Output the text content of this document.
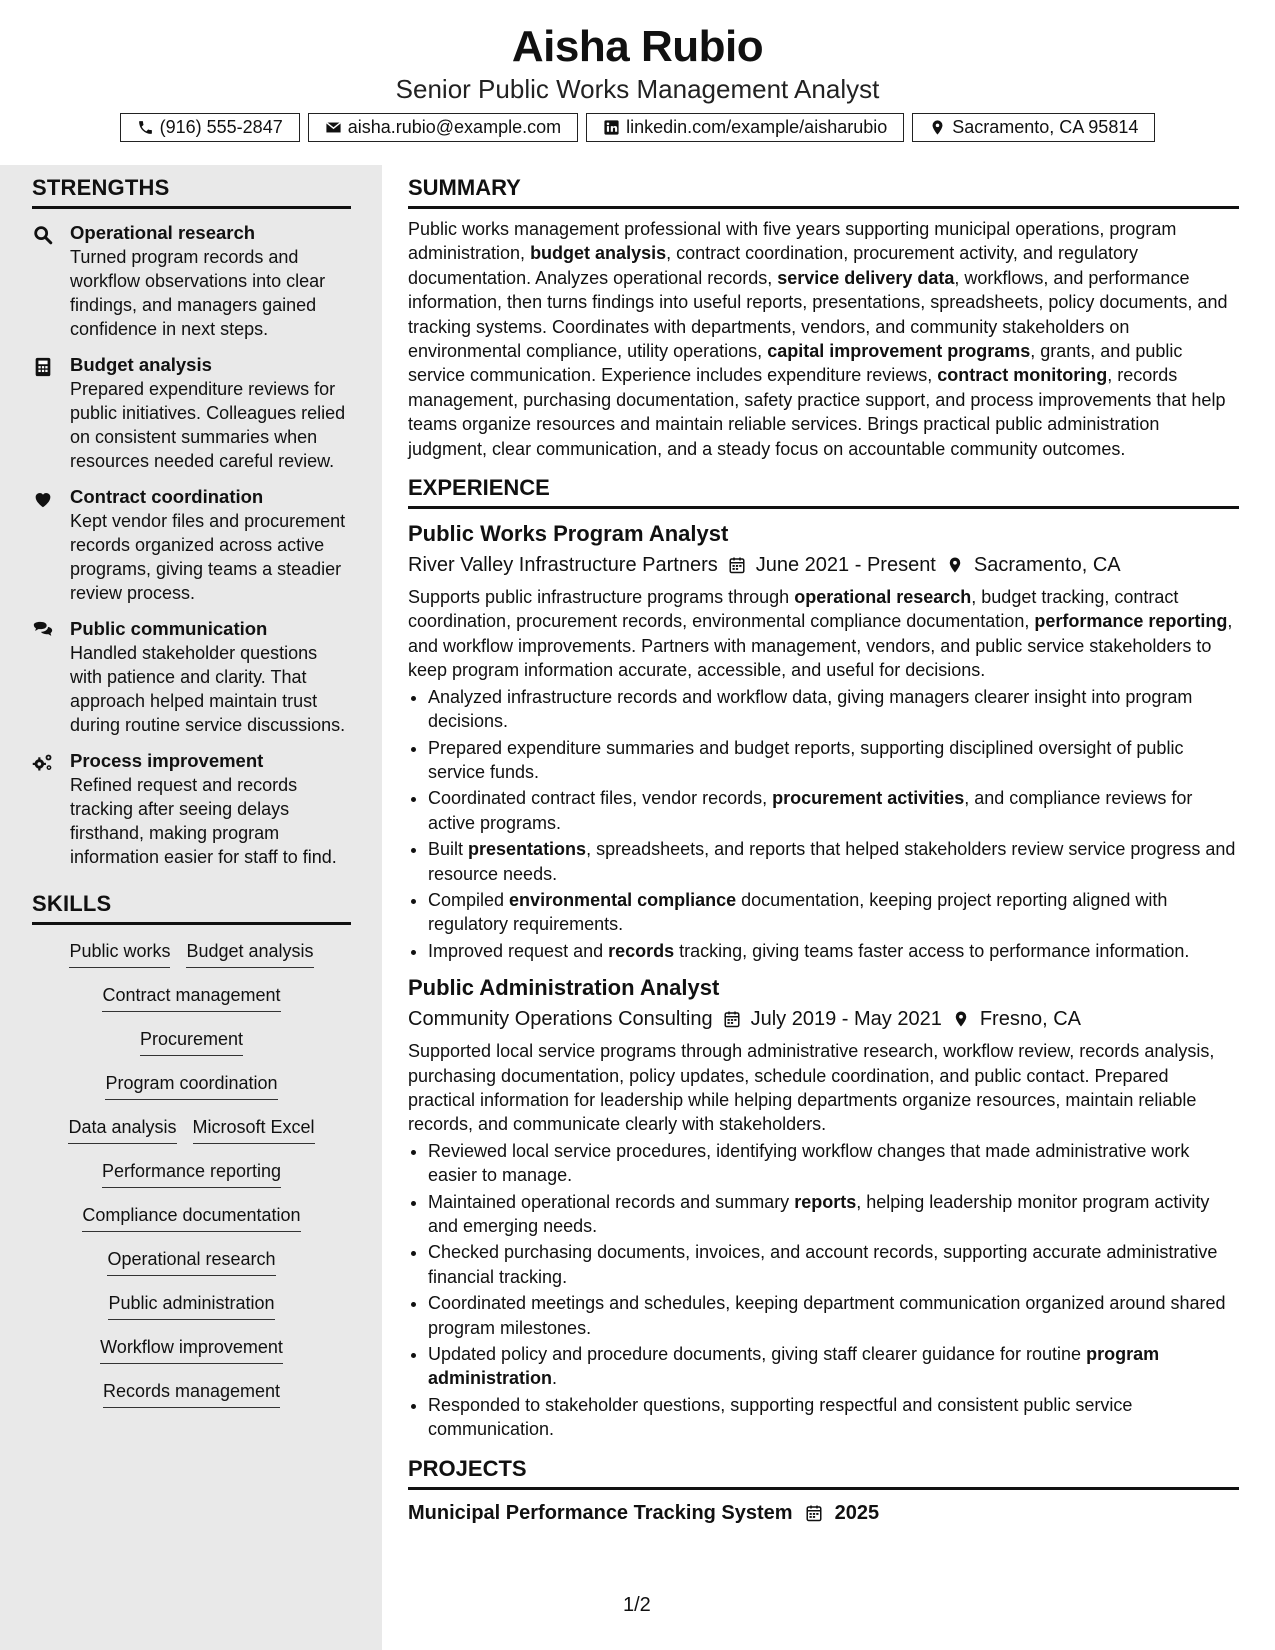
Aisha Rubio
Senior Public Works Management Analyst
(916) 555-2847	aisha.rubio@example.com	linkedin.com/example/aisharubio	Sacramento, CA 95814
STRENGTHS
Operational research
Turned program records and workflow observations into clear findings, and managers gained confidence in next steps.
Budget analysis
Prepared expenditure reviews for public initiatives. Colleagues relied on consistent summaries when resources needed careful review.
Contract coordination
Kept vendor files and procurement records organized across active programs, giving teams a steadier review process.
Public communication
Handled stakeholder questions with patience and clarity. That approach helped maintain trust during routine service discussions.
Process improvement
Refined request and records tracking after seeing delays firsthand, making program information easier for staff to find.
SKILLS
Public works Budget analysis
Contract management
Procurement
Program coordination
Data analysis Microsoft Excel
Performance reporting
Compliance documentation
Operational research
Public administration
Workflow improvement
Records management
SUMMARY
Public works management professional with five years supporting municipal operations, program administration, budget analysis, contract coordination, procurement activity, and regulatory documentation. Analyzes operational records, service delivery data, workflows, and performance information, then turns findings into useful reports, presentations, spreadsheets, policy documents, and tracking systems. Coordinates with departments, vendors, and community stakeholders on environmental compliance, utility operations, capital improvement programs, grants, and public service communication. Experience includes expenditure reviews, contract monitoring, records management, purchasing documentation, safety practice support, and process improvements that help teams organize resources and maintain reliable services. Brings practical public administration judgment, clear communication, and a steady focus on accountable community outcomes.
EXPERIENCE
Public Works Program Analyst
River Valley Infrastructure Partners June 2021 - Present Sacramento, CA
Supports public infrastructure programs through operational research, budget tracking, contract coordination, procurement records, environmental compliance documentation, performance reporting, and workflow improvements. Partners with management, vendors, and public service stakeholders to keep program information accurate, accessible, and useful for decisions.
• Analyzed infrastructure records and workflow data, giving managers clearer insight into program decisions.
• Prepared expenditure summaries and budget reports, supporting disciplined oversight of public service funds.
• Coordinated contract files, vendor records, procurement activities, and compliance reviews for active programs.
• Built presentations, spreadsheets, and reports that helped stakeholders review service progress and resource needs.
• Compiled environmental compliance documentation, keeping project reporting aligned with regulatory requirements.
• Improved request and records tracking, giving teams faster access to performance information.
Public Administration Analyst
Community Operations Consulting July 2019 - May 2021 Fresno, CA
Supported local service programs through administrative research, workflow review, records analysis, purchasing documentation, policy updates, schedule coordination, and public contact. Prepared practical information for leadership while helping departments organize resources, maintain reliable records, and communicate clearly with stakeholders.
• Reviewed local service procedures, identifying workflow changes that made administrative work easier to manage.
• Maintained operational records and summary reports, helping leadership monitor program activity and emerging needs.
• Checked purchasing documents, invoices, and account records, supporting accurate administrative financial tracking.
• Coordinated meetings and schedules, keeping department communication organized around shared program milestones.
• Updated policy and procedure documents, giving staff clearer guidance for routine program administration.
• Responded to stakeholder questions, supporting respectful and consistent public service communication.
PROJECTS
Municipal Performance Tracking System 2025
1/2
